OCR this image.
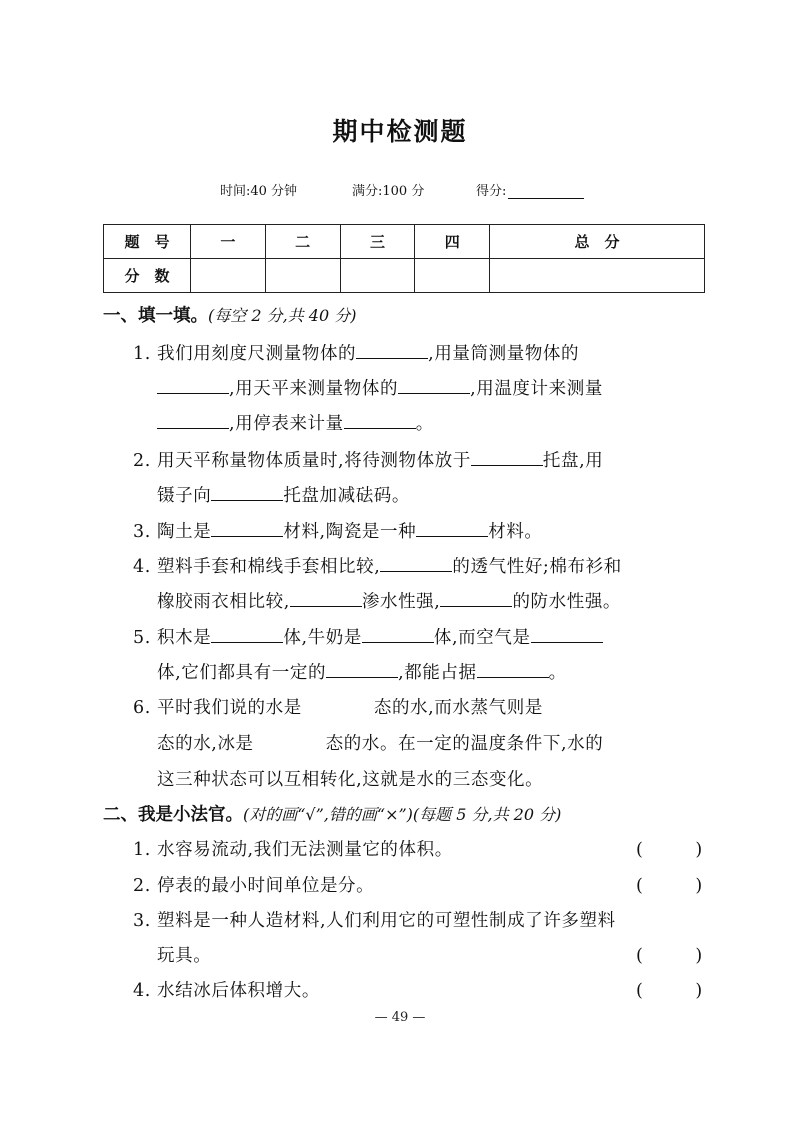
期中检测题
时间:40 分钟	满分:100 分	得分:
题　号	一	二	三	四	总　分
分　数					
一、填一填。(每空 2 分,共 40 分)
1. 我们用刻度尺测量物体的	,用量筒测量物体的
,用天平来测量物体的	,用温度计来测量
,用停表来计量	。
2. 用天平称量物体质量时,将待测物体放于	托盘,用
镊子向	托盘加减砝码。
3. 陶土是	材料,陶瓷是一种	材料。
4. 塑料手套和棉线手套相比较,	的透气性好;棉布衫和
橡胶雨衣相比较,	渗水性强,	的防水性强。
5. 积木是	体,牛奶是	体,而空气是
体,它们都具有一定的	,都能占据	。
6. 平时我们说的水是	态的水,而水蒸气则是
态的水,冰是	态的水。在一定的温度条件下,水的
这三种状态可以互相转化,这就是水的三态变化。
二、我是小法官。(对的画“√”,错的画“×”)(每题 5 分,共 20 分)
1. 水容易流动,我们无法测量它的体积。	(　　　)
2. 停表的最小时间单位是分。	(　　　)
3. 塑料是一种人造材料,人们利用它的可塑性制成了许多塑料
玩具。	(　　　)
4. 水结冰后体积增大。	(　　　)
— 49 —
